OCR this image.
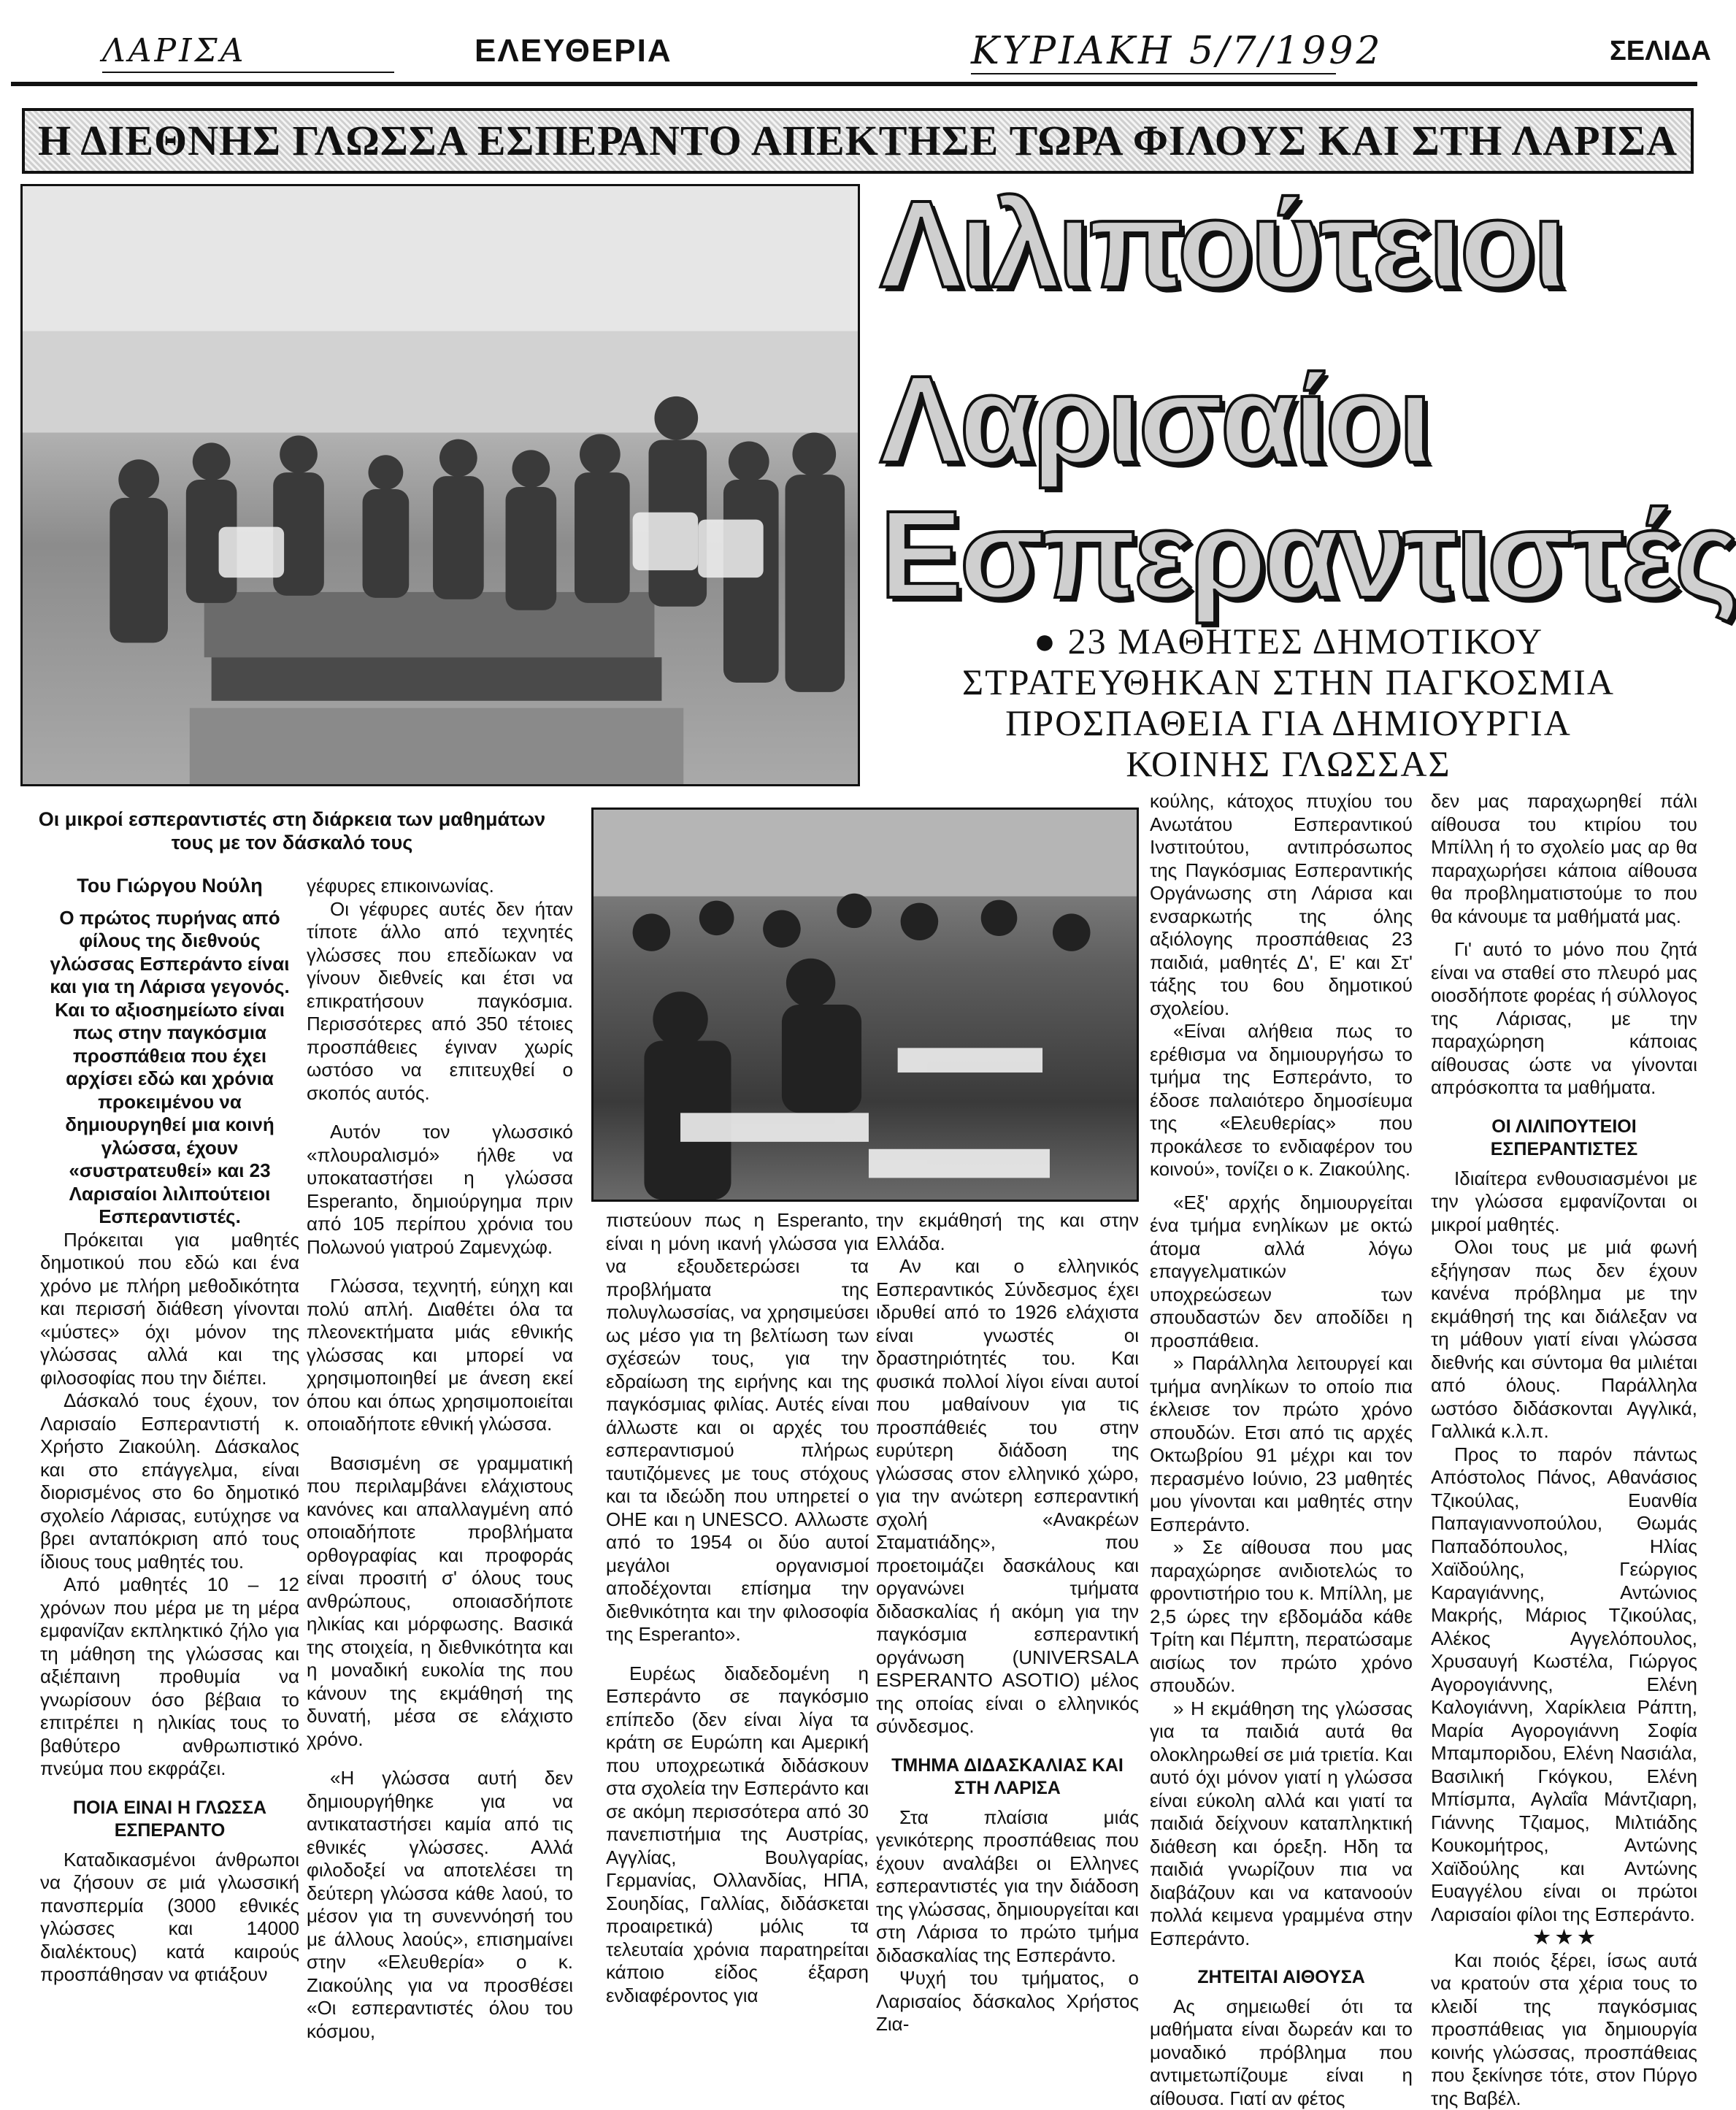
ΛΑΡΙΣΑ	ΕΛΕΥΘΕΡΙΑ	ΚΥΡΙΑΚΗ 5/7/1992	ΣΕΛΙΔΑ
Η ΔΙΕΘΝΗΣ ΓΛΩΣΣΑ ΕΣΠΕΡΑΝΤΟ ΑΠΕΚΤΗΣΕ ΤΩΡΑ ΦΙΛΟΥΣ ΚΑΙ ΣΤΗ ΛΑΡΙΣΑ
Οι μικροί εσπεραντιστές στη διάρκεια των μαθημάτων τους με τον δάσκαλό τους
Λιλιπούτειοι
Λαρισαίοι
Εσπεραντιστές
● 23 ΜΑΘΗΤΕΣ ΔΗΜΟΤΙΚΟΥ
ΣΤΡΑΤΕΥΘΗΚΑΝ ΣΤΗΝ ΠΑΓΚΟΣΜΙΑ
ΠΡΟΣΠΑΘΕΙΑ ΓΙΑ ΔΗΜΙΟΥΡΓΙΑ
ΚΟΙΝΗΣ ΓΛΩΣΣΑΣ

Του Γιώργου Νούλη

Ο πρώτος πυρήνας από φίλους της διεθνούς γλώσσας Εσπεράντο είναι και για τη Λάρισα γεγονός. Και το αξιοσημείωτο είναι πως στην παγκόσμια προσπάθεια που έχει αρχίσει εδώ και χρόνια προκειμένου να δημιουργηθεί μια κοινή γλώσσα, έχουν «συστρατευθεί» και 23 Λαρισαίοι λιλιπούτειοι Εσπεραντιστές.

Πρόκειται για μαθητές δημοτικού που εδώ και ένα χρόνο με πλήρη μεθοδικότητα και περισσή διάθεση γίνονται «μύστες» όχι μόνον της γλώσσας αλλά και της φιλοσοφίας που την διέπει.

Δάσκαλό τους έχουν, τον Λαρισαίο Εσπεραντιστή κ. Χρήστο Ζιακούλη. Δάσκαλος και στο επάγγελμα, είναι διορισμένος στο 6ο δημοτικό σχολείο Λάρισας, ευτύχησε να βρει ανταπόκριση από τους ίδιους τους μαθητές του.

Από μαθητές 10 – 12 χρόνων που μέρα με τη μέρα εμφανίζαν εκπληκτικό ζήλο για τη μάθηση της γλώσσας και αξιέπαινη προθυμία να γνωρίσουν όσο βέβαια το επιτρέπει η ηλικίας τους το βαθύτερο ανθρωπιστικό πνεύμα που εκφράζει.

ΠΟΙΑ ΕΙΝΑΙ Η ΓΛΩΣΣΑ ΕΣΠΕΡΑΝΤΟ

Καταδικασμένοι άνθρωποι να ζήσουν σε μιά γλωσσική πανσπερμία (3000 εθνικές γλώσσες και 14000 διαλέκτους) κατά καιρούς προσπάθησαν να φτιάξουν

γέφυρες επικοινωνίας.

Οι γέφυρες αυτές δεν ήταν τίποτε άλλο από τεχνητές γλώσσες που επεδίωκαν να γίνουν διεθνείς και έτσι να επικρατήσουν παγκόσμια. Περισσότερες από 350 τέτοιες προσπάθειες έγιναν χωρίς ωστόσο να επιτευχθεί ο σκοπός αυτός.

Αυτόν τον γλωσσικό «πλουραλισμό» ήλθε να υποκαταστήσει η γλώσσα Esperanto, δημιούργημα πριν από 105 περίπου χρόνια του Πολωνού γιατρού Ζαμενχώφ.

Γλώσσα, τεχνητή, εύηχη και πολύ απλή. Διαθέτει όλα τα πλεονεκτήματα μιάς εθνικής γλώσσας και μπορεί να χρησιμοποιηθεί με άνεση εκεί όπου και όπως χρησιμοποιείται οποιαδήποτε εθνική γλώσσα.

Βασισμένη σε γραμματική που περιλαμβάνει ελάχιστους κανόνες και απαλλαγμένη από οποιαδήποτε προβλήματα ορθογραφίας και προφοράς είναι προσιτή σ' όλους τους ανθρώπους, οποιασδήποτε ηλικίας και μόρφωσης. Βασικά της στοιχεία, η διεθνικότητα και η μοναδική ευκολία της που κάνουν της εκμάθησή της δυνατή, μέσα σε ελάχιστο χρόνο.

«Η γλώσσα αυτή δεν δημιουργήθηκε για να αντικαταστήσει καμία από τις εθνικές γλώσσες. Αλλά φιλοδοξεί να αποτελέσει τη δεύτερη γλώσσα κάθε λαού, το μέσον για τη συνεννόησή του με άλλους λαούς», επισημαίνει στην «Ελευθερία» ο κ. Ζιακούλης για να προσθέσει «Οι εσπεραντιστές όλου του κόσμου,

πιστεύουν πως η Esperanto, είναι η μόνη ικανή γλώσσα για να εξουδετερώσει τα προβλήματα της πολυγλωσσίας, να χρησιμεύσει ως μέσο για τη βελτίωση των σχέσεών τους, για την εδραίωση της ειρήνης και της παγκόσμιας φιλίας. Αυτές είναι άλλωστε και οι αρχές του εσπεραντισμού πλήρως ταυτιζόμενες με τους στόχους και τα ιδεώδη που υπηρετεί ο ΟΗΕ και η UNESCO. Αλλωστε από το 1954 οι δύο αυτοί μεγάλοι οργανισμοί αποδέχονται επίσημα την διεθνικότητα και την φιλοσοφία της Esperanto».

Ευρέως διαδεδομένη η Εσπεράντο σε παγκόσμιο επίπεδο (δεν είναι λίγα τα κράτη σε Ευρώπη και Αμερική που υποχρεωτικά διδάσκουν στα σχολεία την Εσπεράντο και σε ακόμη περισσότερα από 30 πανεπιστήμια της Αυστρίας, Αγγλίας, Βουλγαρίας, Γερμανίας, Ολλανδίας, ΗΠΑ, Σουηδίας, Γαλλίας, διδάσκεται προαιρετικά) μόλις τα τελευταία χρόνια παρατηρείται κάποιο είδος έξαρση ενδιαφέροντος για

την εκμάθησή της και στην Ελλάδα.

Αν και ο ελληνικός Εσπεραντικός Σύνδεσμος έχει ιδρυθεί από το 1926 ελάχιστα είναι γνωστές οι δραστηριότητές του. Και φυσικά πολλοί λίγοι είναι αυτοί που μαθαίνουν για τις προσπάθειές του στην ευρύτερη διάδοση της γλώσσας στον ελληνικό χώρο, για την ανώτερη εσπεραντική σχολή «Ανακρέων Σταματιάδης», που προετοιμάζει δασκάλους και οργανώνει τμήματα διδασκαλίας ή ακόμη για την παγκόσμια εσπεραντική οργάνωση (UNIVERSALA ESPERANTO ASOTIO) μέλος της οποίας είναι ο ελληνικός σύνδεσμος.

ΤΜΗΜΑ ΔΙΔΑΣΚΑΛΙΑΣ ΚΑΙ ΣΤΗ ΛΑΡΙΣΑ

Στα πλαίσια μιάς γενικότερης προσπάθειας που έχουν αναλάβει οι Ελληνες εσπεραντιστές για την διάδοση της γλώσσας, δημιουργείται και στη Λάρισα το πρώτο τμήμα διδασκαλίας της Εσπεράντο.

Ψυχή του τμήματος, ο Λαρισαίος δάσκαλος Χρήστος Ζια-

κούλης, κάτοχος πτυχίου του Ανωτάτου Εσπεραντικού Ινστιτούτου, αντιπρόσωπος της Παγκόσμιας Εσπεραντικής Οργάνωσης στη Λάρισα και ενσαρκωτής της όλης αξιόλογης προσπάθειας 23 παιδιά, μαθητές Δ', Ε' και Στ' τάξης του 6ου δημοτικού σχολείου.

«Είναι αλήθεια πως το ερέθισμα να δημιουργήσω το τμήμα της Εσπεράντο, το έδοσε παλαιότερο δημοσίευμα της «Ελευθερίας» που προκάλεσε το ενδιαφέρον του κοινού», τονίζει ο κ. Ζιακούλης.

«Εξ' αρχής δημιουργείται ένα τμήμα ενηλίκων με οκτώ άτομα αλλά λόγω επαγγελματικών υποχρεώσεων των σπουδαστών δεν αποδίδει η προσπάθεια.

» Παράλληλα λειτουργεί και τμήμα ανηλίκων το οποίο πια έκλεισε τον πρώτο χρόνο σπουδών. Ετσι από τις αρχές Οκτωβρίου 91 μέχρι και τον περασμένο Ιούνιο, 23 μαθητές μου γίνονται και μαθητές στην Εσπεράντο.

» Σε αίθουσα που μας παραχώρησε ανιδιοτελώς το φροντιστήριο του κ. Μπίλλη, με 2,5 ώρες την εβδομάδα κάθε Τρίτη και Πέμπτη, περατώσαμε αισίως τον πρώτο χρόνο σπουδών.

» Η εκμάθηση της γλώσσας για τα παιδιά αυτά θα ολοκληρωθεί σε μιά τριετία. Και αυτό όχι μόνον γιατί η γλώσσα είναι εύκολη αλλά και γιατί τα παιδιά δείχνουν καταπληκτική διάθεση και όρεξη. Ηδη τα παιδιά γνωρίζουν πια να διαβάζουν και να κατανοούν πολλά κειμενα γραμμένα στην Εσπεράντο.

ΖΗΤΕΙΤΑΙ ΑΙΘΟΥΣΑ

Ας σημειωθεί ότι τα μαθήματα είναι δωρεάν και το μοναδικό πρόβλημα που αντιμετωπίζουμε είναι η αίθουσα. Γιατί αν φέτος

δεν μας παραχωρηθεί πάλι αίθουσα του κτιρίου του Μπίλλη ή το σχολείο μας αρ θα παραχωρήσει κάποια αίθουσα θα προβληματιστούμε το που θα κάνουμε τα μαθήματά μας.

Γι' αυτό το μόνο που ζητά είναι να σταθεί στο πλευρό μας οιοσδήποτε φορέας ή σύλλογος της Λάρισας, με την παραχώρηση κάποιας αίθουσας ώστε να γίνονται απρόσκοπτα τα μαθήματα.

ΟΙ ΛΙΛΙΠΟΥΤΕΙΟΙ ΕΣΠΕΡΑΝΤΙΣΤΕΣ

Ιδιαίτερα ενθουσιασμένοι με την γλώσσα εμφανίζονται οι μικροί μαθητές.

Ολοι τους με μιά φωνή εξήγησαν πως δεν έχουν κανένα πρόβλημα με την εκμάθησή της και διάλεξαν να τη μάθουν γιατί είναι γλώσσα διεθνής και σύντομα θα μιλιέται από όλους. Παράλληλα ωστόσο διδάσκονται Αγγλικά, Γαλλικά κ.λ.π.

Προς το παρόν πάντως Απόστολος Πάνος, Αθανάσιος Τζικούλας, Ευανθία Παπαγιαννοπούλου, Θωμάς Παπαδόπουλος, Ηλίας Χαϊδούλης, Γεώργιος Καραγιάννης, Αντώνιος Μακρής, Μάριος Τζικούλας, Αλέκος Αγγελόπουλος, Χρυσαυγή Κωστέλα, Γιώργος Αγορογιάννης, Ελένη Καλογιάννη, Χαρίκλεια Ράπτη, Μαρία Αγορογιάννη Σοφία Μπαμποριδου, Ελένη Νασιάλα, Βασιλική Γκόγκου, Ελένη Μπίσμπα, Αγλαΐα Μάντζιαρη, Γιάννης Τζιαμος, Μιλτιάδης Κουκομήτρος, Αντώνης Χαϊδούλης και Αντώνης Ευαγγέλου είναι οι πρώτοι Λαρισαίοι φίλοι της Εσπεράντο.

★ ★ ★

Και ποιός ξέρει, ίσως αυτά να κρατούν στα χέρια τους το κλειδί της παγκόσμιας προσπάθειας για δημιουργία κοινής γλώσσας, προσπάθειας που ξεκίνησε τότε, στον Πύργο της Βαβέλ.
